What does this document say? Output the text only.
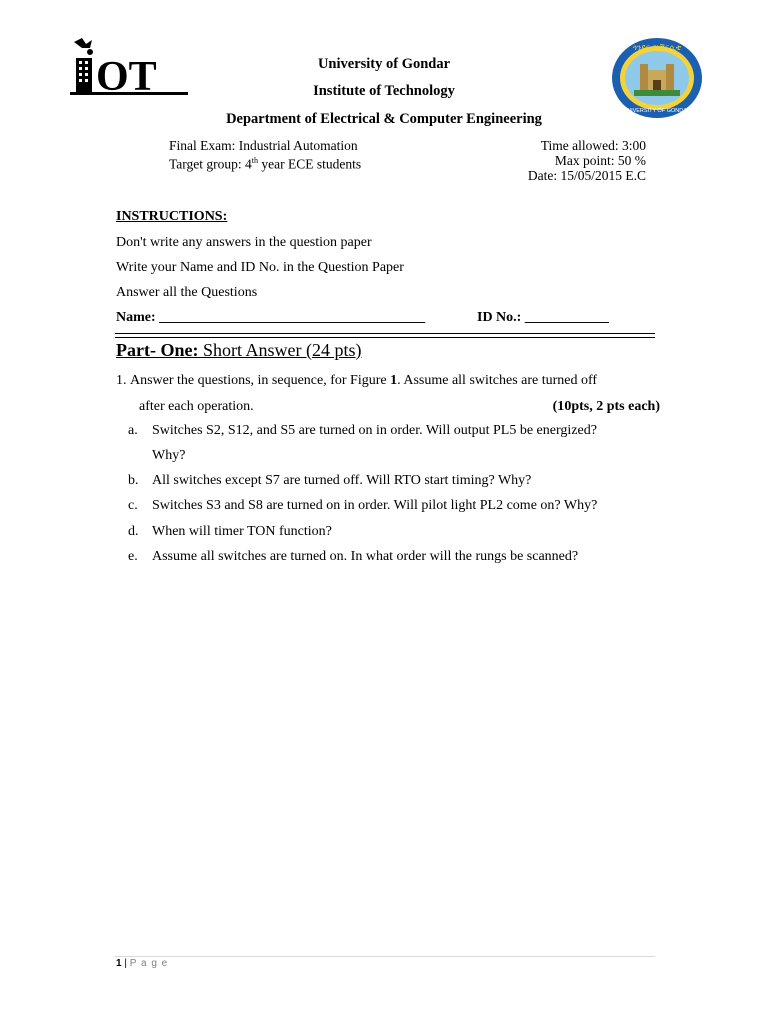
OT
ጎንደር ዩኒቨርሲቲ
UNIVERSITY OF GONDAR
University of Gondar
Institute of Technology
Department of Electrical & Computer Engineering
Final Exam: Industrial Automation
Target group: 4th year ECE students
Time allowed: 3:00
Max point: 50 %
Date: 15/05/2015 E.C
INSTRUCTIONS:
Don't write any answers in the question paper
Write your Name and ID No. in the Question Paper
Answer all the Questions
Name: ______________________________________	ID No.: ____________
Part- One: Short Answer (24 pts)
1. Answer the questions, in sequence, for Figure 1. Assume all switches are turned off
after each operation.	(10pts, 2 pts each)
a. Switches S2, S12, and S5 are turned on in order. Will output PL5 be energized?
Why?
b. All switches except S7 are turned off. Will RTO start timing? Why?
c. Switches S3 and S8 are turned on in order. Will pilot light PL2 come on? Why?
d. When will timer TON function?
e. Assume all switches are turned on. In what order will the rungs be scanned?
1 | P a g e
